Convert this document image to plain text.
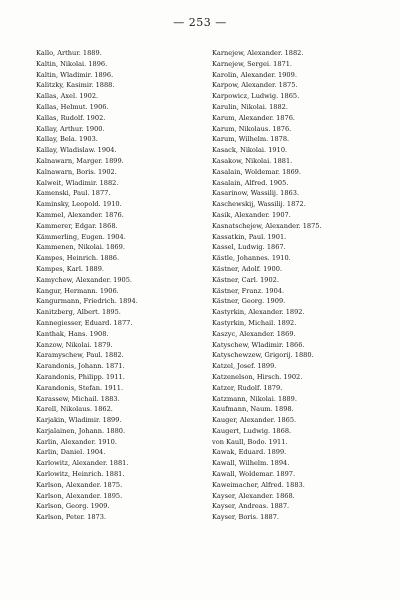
— 253 —
Kallo, Arthur. 1889.
Kaltin, Nikolai. 1896.
Kaltin, Wladimir. 1896.
Kalitzky, Kasimir. 1888.
Kallas, Axel. 1902.
Kallas, Helmut. 1906.
Kallas, Rudolf. 1902.
Kallay, Arthur. 1900.
Kallay, Bela. 1903.
Kallay, Wladislaw. 1904.
Kalnawarn, Marger. 1899.
Kalnawarn, Boris. 1902.
Kalweit, Wladimir. 1882.
Kamenski, Paul. 1877.
Kaminsky, Leopold. 1910.
Kammel, Alexander. 1876.
Kammerer, Edgar. 1868.
Kämmerling, Eugen. 1904.
Kammenen, Nikolai. 1869.
Kampes, Heinrich. 1886.
Kampes, Karl. 1889.
Kamychew, Alexander. 1905.
Kangur, Hermann. 1906.
Kangurmann, Friedrich. 1894.
Kanitzberg, Albert. 1895.
Kannegiesser, Eduard. 1877.
Kanthak, Hans. 1908.
Kanzow, Nikolai. 1879.
Karamyschew, Paul. 1882.
Karandonis, Johann. 1871.
Karandonis, Philipp. 1911.
Karandonis, Stefan. 1911.
Karassew, Michail. 1883.
Karell, Nikolaus. 1862.
Karjakin, Wladimir. 1899.
Karjalainen, Johann. 1880.
Karlin, Alexander. 1910.
Karlin, Daniel. 1904.
Karlowitz, Alexander. 1881.
Karlowitz, Heinrich. 1881.
Karlson, Alexander. 1875.
Karlson, Alexander. 1895.
Karlson, Georg. 1909.
Karlson, Peter. 1873.
Karnejew, Alexander. 1882.
Karnejew, Sergei. 1871.
Karolin, Alexander. 1909.
Karpow, Alexander. 1875.
Karpowicz, Ludwig. 1865.
Karulin, Nikolai. 1882.
Karum, Alexander. 1876.
Karum, Nikolaus. 1876.
Karum, Wilhelm. 1878.
Kasack, Nikolai. 1910.
Kasakow, Nikolai. 1881.
Kasalain, Woldemar. 1869.
Kasalain, Alfred. 1905.
Kasarinow, Wassilij. 1863.
Kaschewskij, Wassilij. 1872.
Kasik, Alexander. 1907.
Kasnatschejew, Alexander. 1875.
Kassatkin, Paul. 1901.
Kassel, Ludwig. 1867.
Kästle, Johannes. 1910.
Kästner, Adolf. 1900.
Kästner, Carl. 1902.
Kästner, Franz. 1904.
Kästner, Georg. 1909.
Kastyrkin, Alexander. 1892.
Kastyrkin, Michail. 1892.
Kaszyc, Alexander. 1869.
Katyschew, Wladimir. 1866.
Katyschewzew, Grigorij. 1880.
Katzel, Josef. 1899.
Katzenelson, Hirsch. 1902.
Katzer, Rudolf. 1879.
Katzmann, Nikolai. 1889.
Kaufmann, Naum. 1898.
Kauger, Alexander. 1865.
Kaugert, Ludwig. 1868.
von Kaull, Bodo. 1911.
Kawak, Eduard. 1899.
Kawall, Wilhelm. 1894.
Kawall, Woldemar. 1897.
Kaweimacher, Alfred. 1883.
Kayser, Alexander. 1868.
Kayser, Andreas. 1887.
Kayser, Boris. 1887.
